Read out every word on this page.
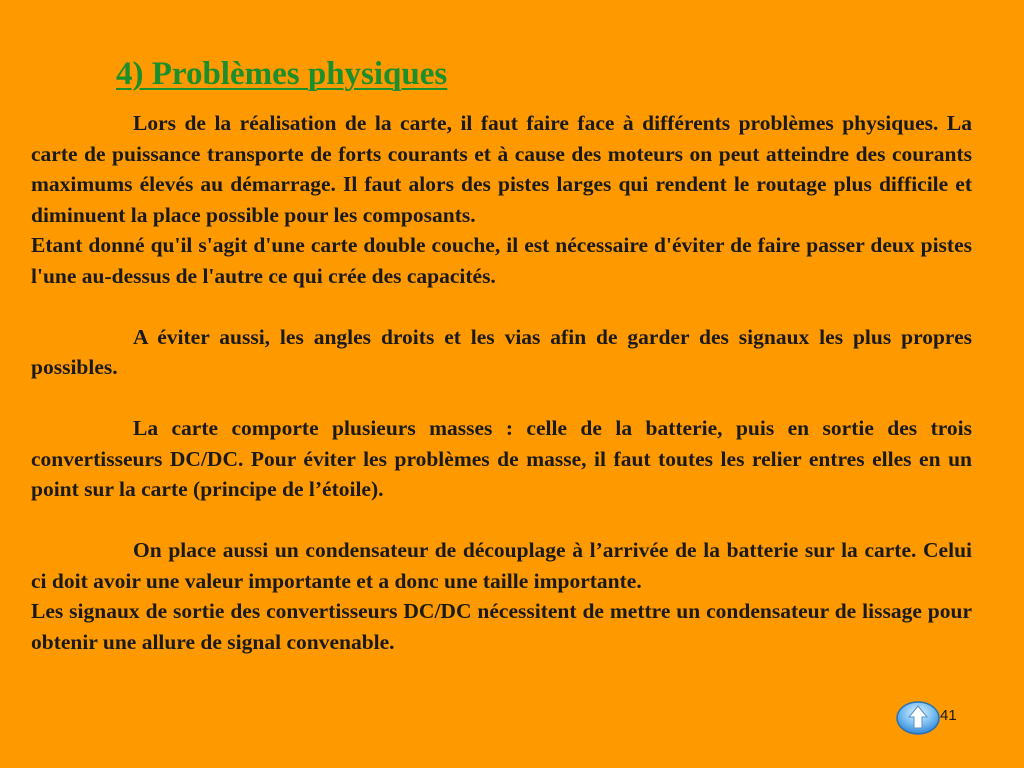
4) Problèmes physiques

Lors de la réalisation de la carte, il faut faire face à différents problèmes physiques. La carte de puissance transporte de forts courants et à cause des moteurs on peut atteindre des courants maximums élevés au démarrage. Il faut alors des pistes larges qui rendent le routage plus difficile et diminuent la place possible pour les composants.

Etant donné qu'il s'agit d'une carte double couche, il est nécessaire d'éviter de faire passer deux pistes l'une au-dessus de l'autre ce qui crée des capacités.

A éviter aussi, les angles droits et les vias afin de garder des signaux les plus propres possibles.

La carte comporte plusieurs masses : celle de la batterie, puis en sortie des trois convertisseurs DC/DC. Pour éviter les problèmes de masse, il faut toutes les relier entres elles en un point sur la carte (principe de l’étoile).

On place aussi un condensateur de découplage à l’arrivée de la batterie sur la carte. Celui ci doit avoir une valeur importante et a donc une taille importante.

Les signaux de sortie des convertisseurs DC/DC nécessitent de mettre un condensateur de lissage pour obtenir une allure de signal convenable.

41
